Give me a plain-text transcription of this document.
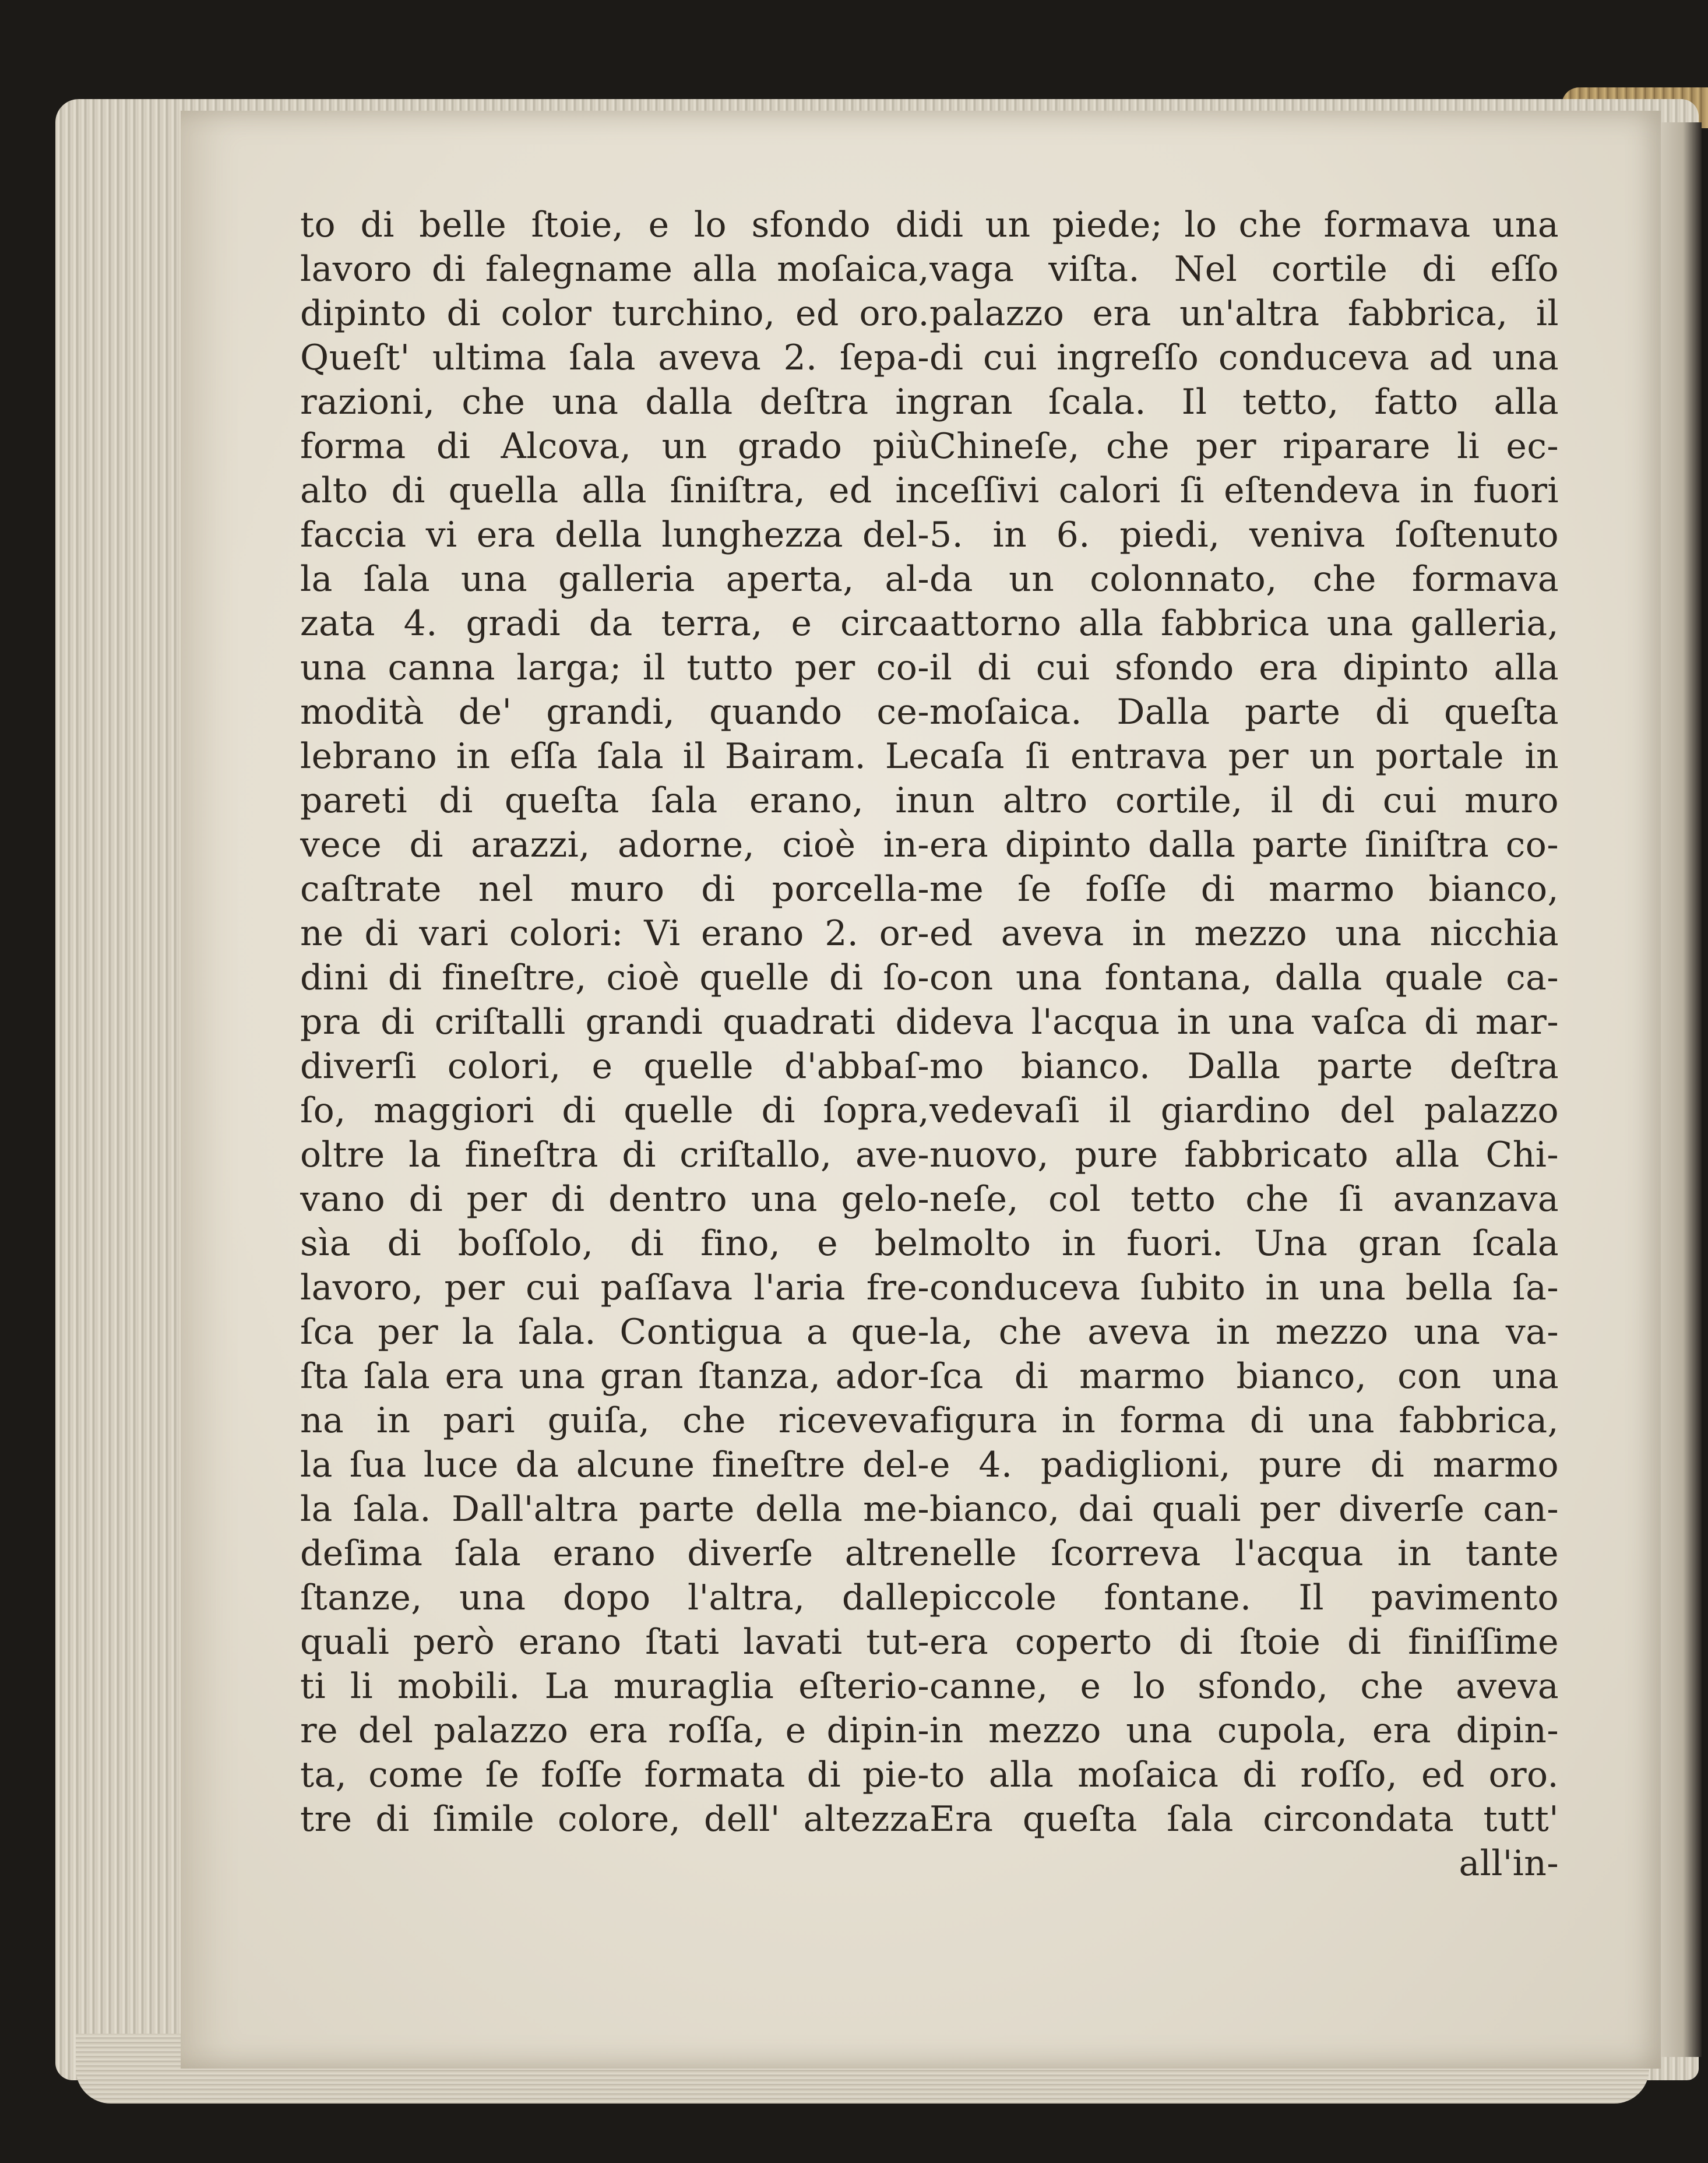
to di belle ſtoie, e lo sfondo di
lavoro di falegname alla moſaica,
dipinto di color turchino, ed oro.
Queſt' ultima ſala aveva 2. ſepa-
razioni, che una dalla deſtra in
forma di Alcova, un grado più
alto di quella alla ſiniſtra, ed in
faccia vi era della lunghezza del-
la ſala una galleria aperta, al-
zata 4. gradi da terra, e circa
una canna larga; il tutto per co-
modità de' grandi, quando ce-
lebrano in eſſa ſala il Bairam. Le
pareti di queſta ſala erano, in
vece di arazzi, adorne, cioè in-
caſtrate nel muro di porcella-
ne di vari colori: Vi erano 2. or-
dini di fineſtre, cioè quelle di ſo-
pra di criſtalli grandi quadrati di
diverſi colori, e quelle d'abbaſ-
ſo, maggiori di quelle di ſopra,
oltre la fineſtra di criſtallo, ave-
vano di per di dentro una gelo-
sìa di boſſolo, di fino, e bel
lavoro, per cui paſſava l'aria fre-
ſca per la ſala. Contigua a que-
ſta ſala era una gran ſtanza, ador-
na in pari guiſa, che riceveva
la ſua luce da alcune fineſtre del-
la ſala. Dall'altra parte della me-
deſima ſala erano diverſe altre
ſtanze, una dopo l'altra, dalle
quali però erano ſtati lavati tut-
ti li mobili. La muraglia eſterio-
re del palazzo era roſſa, e dipin-
ta, come ſe foſſe formata di pie-
tre di ſimile colore, dell' altezza
di un piede; lo che formava una
vaga viſta. Nel cortile di eſſo
palazzo era un'altra fabbrica, il
di cui ingreſſo conduceva ad una
gran ſcala. Il tetto, fatto alla
Chineſe, che per riparare li ec-
ceſſivi calori ſi eſtendeva in fuori
5. in 6. piedi, veniva ſoſtenuto
da un colonnato, che formava
attorno alla fabbrica una galleria,
il di cui sfondo era dipinto alla
moſaica. Dalla parte di queſta
caſa ſi entrava per un portale in
un altro cortile, il di cui muro
era dipinto dalla parte ſiniſtra co-
me ſe foſſe di marmo bianco,
ed aveva in mezzo una nicchia
con una fontana, dalla quale ca-
deva l'acqua in una vaſca di mar-
mo bianco. Dalla parte deſtra
vedevaſi il giardino del palazzo
nuovo, pure fabbricato alla Chi-
neſe, col tetto che ſi avanzava
molto in fuori. Una gran ſcala
conduceva ſubito in una bella ſa-
la, che aveva in mezzo una va-
ſca di marmo bianco, con una
figura in forma di una fabbrica,
e 4. padiglioni, pure di marmo
bianco, dai quali per diverſe can-
nelle ſcorreva l'acqua in tante
piccole fontane. Il pavimento
era coperto di ſtoie di finiſſime
canne, e lo sfondo, che aveva
in mezzo una cupola, era dipin-
to alla moſaica di roſſo, ed oro.
Era queſta ſala circondata tutt'
all'in-
